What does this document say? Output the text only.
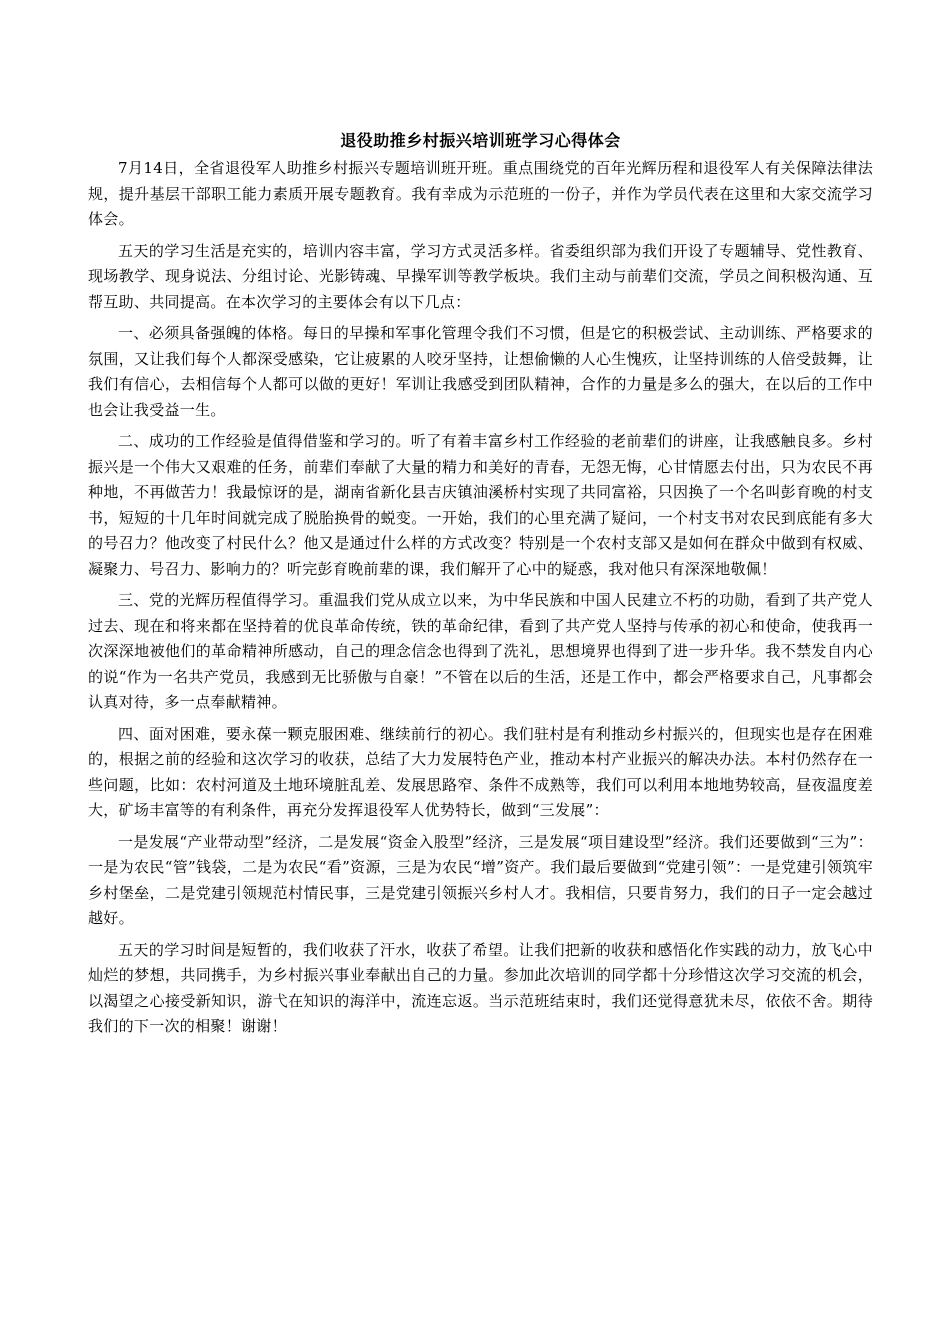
退役助推乡村振兴培训班学习心得体会

7月14日，全省退役军人助推乡村振兴专题培训班开班。重点围绕党的百年光辉历程和退役军人有关保障法律法规，提升基层干部职工能力素质开展专题教育。我有幸成为示范班的一份子，并作为学员代表在这里和大家交流学习体会。

五天的学习生活是充实的，培训内容丰富，学习方式灵活多样。省委组织部为我们开设了专题辅导、党性教育、现场教学、现身说法、分组讨论、光影铸魂、早操军训等教学板块。我们主动与前辈们交流，学员之间积极沟通、互帮互助、共同提高。在本次学习的主要体会有以下几点：

一、必须具备强魄的体格。每日的早操和军事化管理令我们不习惯，但是它的积极尝试、主动训练、严格要求的氛围，又让我们每个人都深受感染，它让疲累的人咬牙坚持，让想偷懒的人心生愧疚，让坚持训练的人倍受鼓舞，让我们有信心，去相信每个人都可以做的更好！军训让我感受到团队精神，合作的力量是多么的强大，在以后的工作中也会让我受益一生。

二、成功的工作经验是值得借鉴和学习的。听了有着丰富乡村工作经验的老前辈们的讲座，让我感触良多。乡村振兴是一个伟大又艰难的任务，前辈们奉献了大量的精力和美好的青春，无怨无悔，心甘情愿去付出，只为农民不再种地，不再做苦力！我最惊讶的是，湖南省新化县吉庆镇油溪桥村实现了共同富裕，只因换了一个名叫彭育晚的村支书，短短的十几年时间就完成了脱胎换骨的蜕变。一开始，我们的心里充满了疑问，一个村支书对农民到底能有多大的号召力？他改变了村民什么？他又是通过什么样的方式改变？特别是一个农村支部又是如何在群众中做到有权威、凝聚力、号召力、影响力的？听完彭育晚前辈的课，我们解开了心中的疑惑，我对他只有深深地敬佩！

三、党的光辉历程值得学习。重温我们党从成立以来，为中华民族和中国人民建立不朽的功勋，看到了共产党人过去、现在和将来都在坚持着的优良革命传统，铁的革命纪律，看到了共产党人坚持与传承的初心和使命，使我再一次深深地被他们的革命精神所感动，自己的理念信念也得到了洗礼，思想境界也得到了进一步升华。我不禁发自内心的说“作为一名共产党员，我感到无比骄傲与自豪！”不管在以后的生活，还是工作中，都会严格要求自己，凡事都会认真对待，多一点奉献精神。

四、面对困难，要永葆一颗克服困难、继续前行的初心。我们驻村是有利推动乡村振兴的，但现实也是存在困难的，根据之前的经验和这次学习的收获，总结了大力发展特色产业，推动本村产业振兴的解决办法。本村仍然存在一些问题，比如：农村河道及土地环境脏乱差、发展思路窄、条件不成熟等，我们可以利用本地地势较高，昼夜温度差大，矿场丰富等的有利条件，再充分发挥退役军人优势特长，做到“三发展”：

一是发展“产业带动型”经济，二是发展“资金入股型”经济，三是发展“项目建设型”经济。我们还要做到“三为”：一是为农民“管”钱袋，二是为农民“看”资源，三是为农民“增”资产。我们最后要做到“党建引领”：一是党建引领筑牢乡村堡垒，二是党建引领规范村情民事，三是党建引领振兴乡村人才。我相信，只要肯努力，我们的日子一定会越过越好。

五天的学习时间是短暂的，我们收获了汗水，收获了希望。让我们把新的收获和感悟化作实践的动力，放飞心中灿烂的梦想，共同携手，为乡村振兴事业奉献出自己的力量。参加此次培训的同学都十分珍惜这次学习交流的机会，以渴望之心接受新知识，游弋在知识的海洋中，流连忘返。当示范班结束时，我们还觉得意犹未尽，依依不舍。期待我们的下一次的相聚！谢谢！
